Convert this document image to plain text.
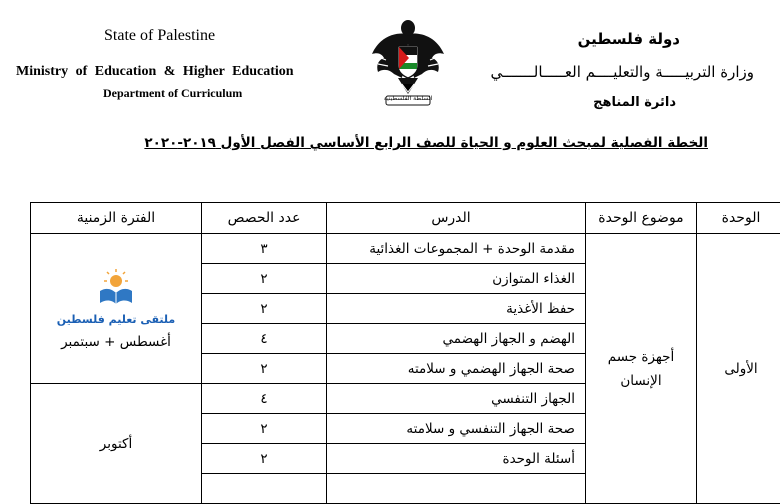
State of Palestine
Ministry of Education & Higher Education
Department of Curriculum	السلطة الفلسطينية
دولة فلسطين
وزارة التربيـــــة والتعليــــم العـــــالـــــــي
دائرة المناهج
الخطة الفصلية لمبحث العلوم و الحياة للصف الرابع الأساسي الفصل الأول ٢٠١٩-٢٠٢٠
الوحدة	موضوع الوحدة	الدرس	عدد الحصص	الفترة الزمنية
الأولى	أجهزة جسم الإنسان	مقدمة الوحدة + المجموعات الغذائية	٣	ملتقى تعليم فلسطين
أغسطس + سبتمبر

		الغذاء المتوازن	٢	
		حفظ الأغذية	٢	
		الهضم و الجهاز الهضمي	٤	
		صحة الجهاز الهضمي و سلامته	٢	
		الجهاز التنفسي	٤	أكتوبر
		صحة الجهاز التنفسي و سلامته	٢	
		أسئلة الوحدة	٢	
